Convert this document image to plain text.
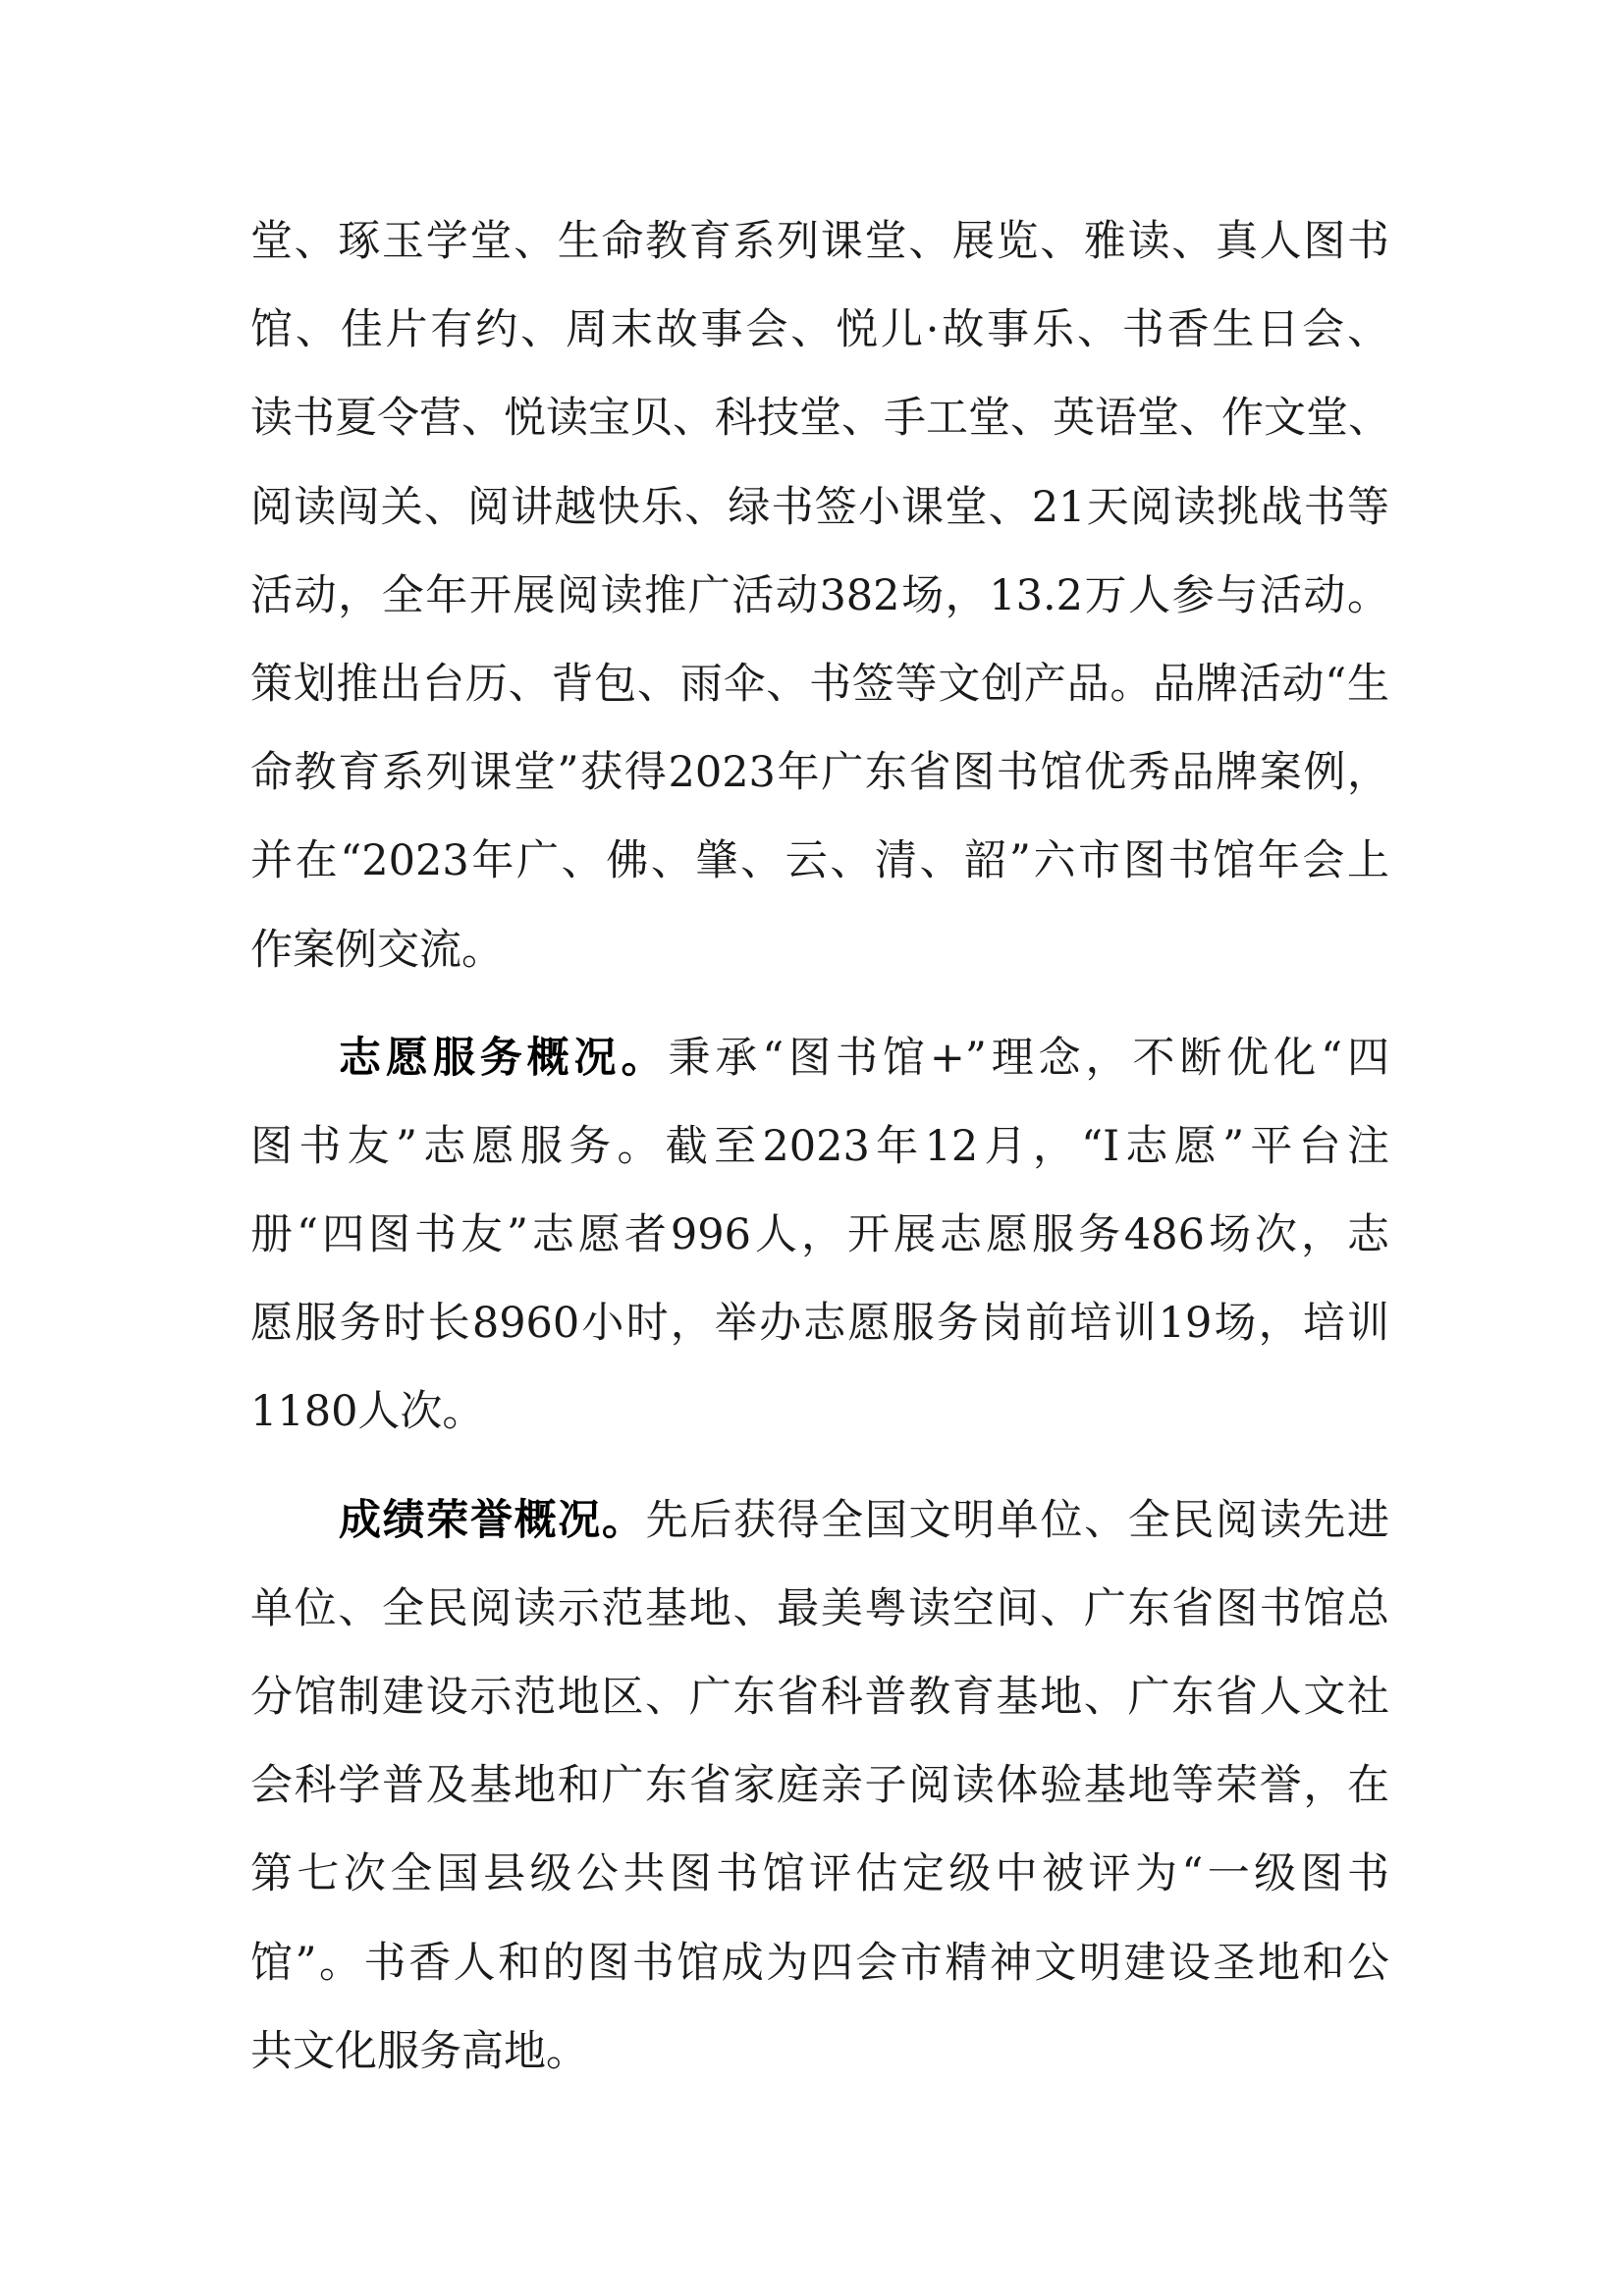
堂、琢玉学堂、生命教育系列课堂、展览、雅读、真人图书
馆、佳片有约、周末故事会、悦儿·故事乐、书香生日会、
读书夏令营、悦读宝贝、科技堂、手工堂、英语堂、作文堂、
阅读闯关、阅讲越快乐、绿书签小课堂、21天阅读挑战书等
活动，全年开展阅读推广活动382场，13.2万人参与活动。
策划推出台历、背包、雨伞、书签等文创产品。品牌活动“生
命教育系列课堂”获得2023年广东省图书馆优秀品牌案例，
并在“2023年广、佛、肇、云、清、韶”六市图书馆年会上
作案例交流。
志愿服务概况。秉承“图书馆+”理念，不断优化“四
图书友”志愿服务。截至2023年12月，“I志愿”平台注
册“四图书友”志愿者996人，开展志愿服务486场次，志
愿服务时长8960小时，举办志愿服务岗前培训19场，培训
1180人次。
成绩荣誉概况。先后获得全国文明单位、全民阅读先进
单位、全民阅读示范基地、最美粤读空间、广东省图书馆总
分馆制建设示范地区、广东省科普教育基地、广东省人文社
会科学普及基地和广东省家庭亲子阅读体验基地等荣誉，在
第七次全国县级公共图书馆评估定级中被评为“一级图书
馆”。书香人和的图书馆成为四会市精神文明建设圣地和公
共文化服务高地。
